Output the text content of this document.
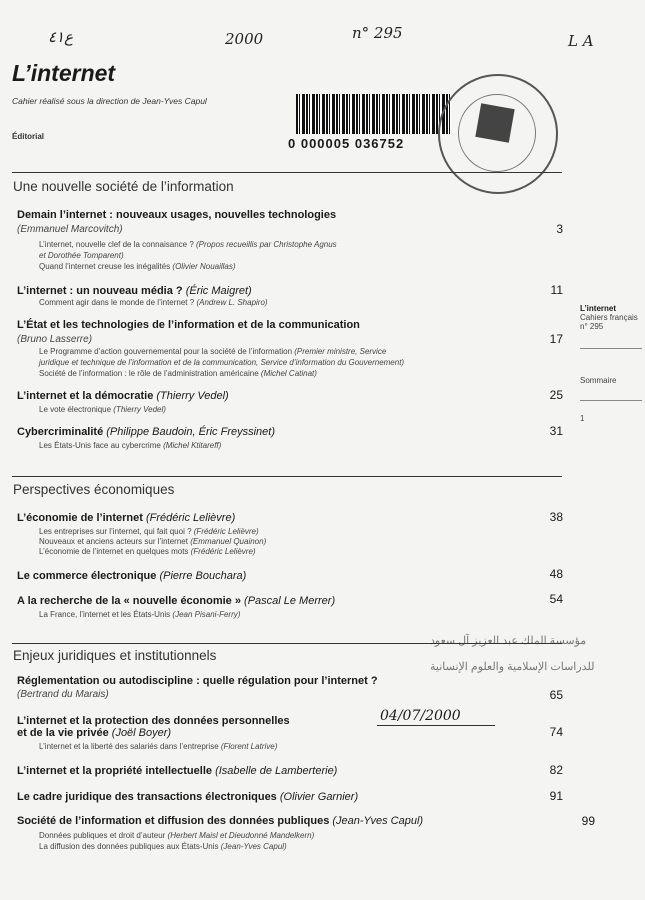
ع٤١	2000	n° 295	L A
L’internet
Cahier réalisé sous la direction de Jean-Yves Capul
Éditorial	0 000005 036752
Une nouvelle société de l’information
Demain l’internet : nouveaux usages, nouvelles technologies
(Emmanuel Marcovitch)	3
L’internet, nouvelle clef de la connaisance ? (Propos recueillis par Christophe Agnus
et Dorothée Tomparent)
Quand l’internet creuse les inégalités (Olivier Nouaillas)
L’internet : un nouveau média ? (Éric Maigret)	11
Comment agir dans le monde de l’internet ? (Andrew L. Shapiro)
L’État et les technologies de l’information et de la communication
(Bruno Lasserre)	17
Le Programme d’action gouvernemental pour la société de l’information (Premier ministre, Service
juridique et technique de l’information et de la communication, Service d’information du Gouvernement)
Société de l’information : le rôle de l’administration américaine (Michel Catinat)
L’internet et la démocratie (Thierry Vedel)	25
Le vote électronique (Thierry Vedel)
Cybercriminalité (Philippe Baudoin, Éric Freyssinet)	31
Les États-Unis face au cybercrime (Michel Ktitareff)
Perspectives économiques
L’économie de l’internet (Frédéric Lelièvre)	38
Les entreprises sur l’internet, qui fait quoi ? (Frédéric Lelièvre)
Nouveaux et anciens acteurs sur l’internet (Emmanuel Quainon)
L’économie de l’internet en quelques mots (Frédéric Lelièvre)
Le commerce électronique (Pierre Bouchara)	48
A la recherche de la « nouvelle économie » (Pascal Le Merrer)	54
La France, l’internet et les États-Unis (Jean Pisani-Ferry)
مؤسسة الملك عبد العزيز آل سعود
Enjeux juridiques et institutionnels
للدراسات الإسلامية والعلوم الإنسانية
Réglementation ou autodiscipline : quelle régulation pour l’internet ?
(Bertrand du Marais)	65
L’internet et la protection des données personnelles	04/07/2000
et de la vie privée (Joël Boyer)	74
L’internet et la liberté des salariés dans l’entreprise (Florent Latrive)
L’internet et la propriété intellectuelle (Isabelle de Lamberterie)	82
Le cadre juridique des transactions électroniques (Olivier Garnier)	91
Société de l’information et diffusion des données publiques (Jean-Yves Capul)	99
Données publiques et droit d’auteur (Herbert Maisl et Dieudonné Mandelkern)
La diffusion des données publiques aux États-Unis (Jean-Yves Capul)
L’internet
Cahiers français
n° 295
Sommaire
1
